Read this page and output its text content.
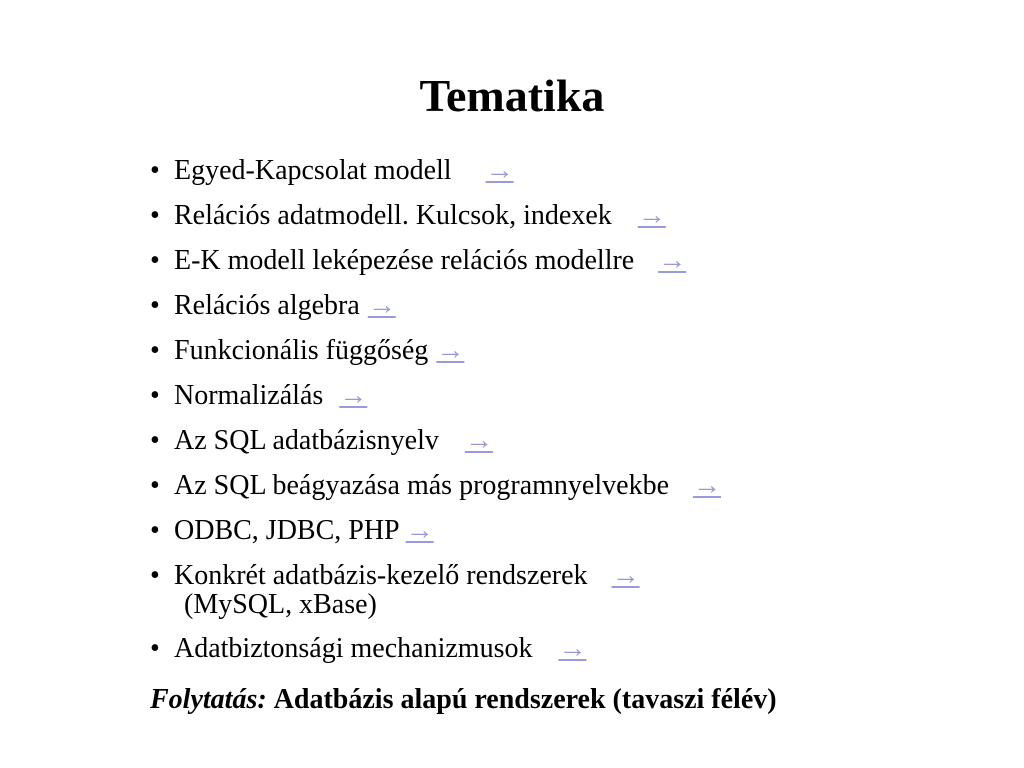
Tematika
• Egyed-Kapcsolat modell →
• Relációs adatmodell. Kulcsok, indexek →
• E-K modell leképezése relációs modellre →
• Relációs algebra →
• Funkcionális függőség →
• Normalizálás →
• Az SQL adatbázisnyelv →
• Az SQL beágyazása más programnyelvekbe →
• ODBC, JDBC, PHP →
• Konkrét adatbázis-kezelő rendszerek →
(MySQL, xBase)
• Adatbiztonsági mechanizmusok →
Folytatás: Adatbázis alapú rendszerek (tavaszi félév)
